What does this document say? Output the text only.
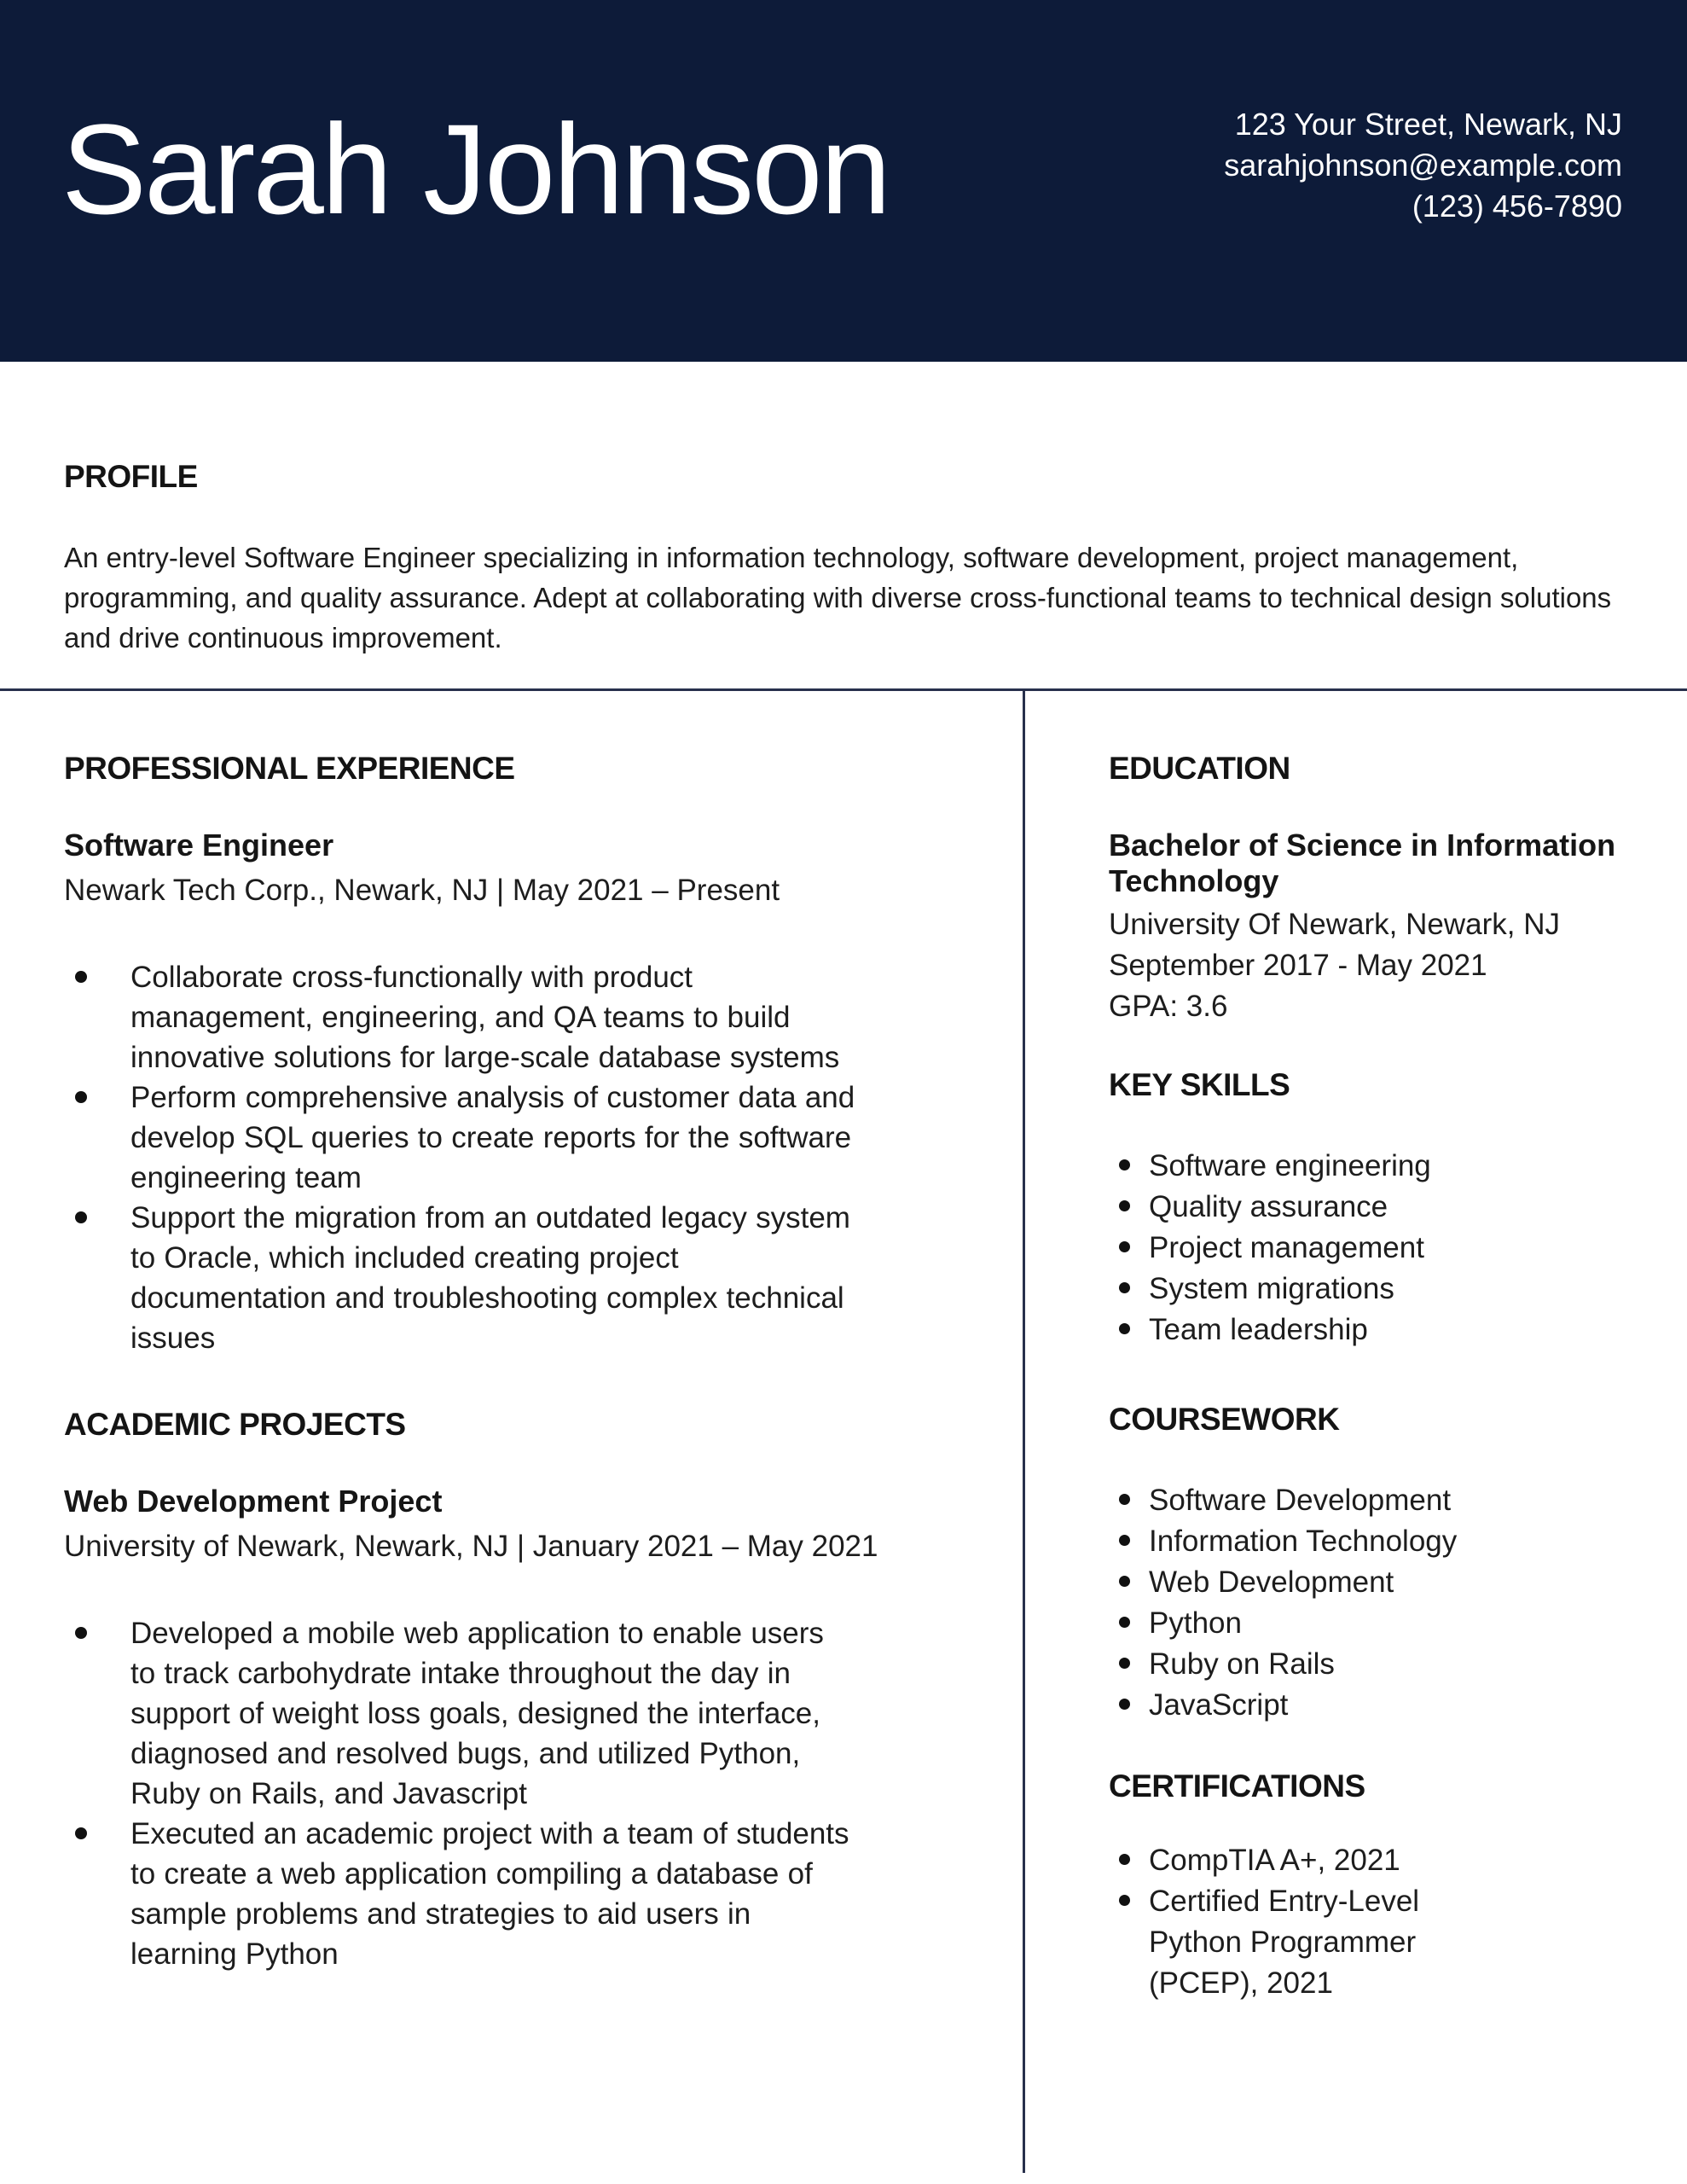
Sarah Johnson	123 Your Street, Newark, NJ
sarahjohnson@example.com
(123) 456-7890
PROFILE

An entry-level Software Engineer specializing in information technology, software development, project management, programming, and quality assurance. Adept at collaborating with diverse cross-functional teams to technical design solutions and drive continuous improvement.

PROFESSIONAL EXPERIENCE
Software Engineer
Newark Tech Corp., Newark, NJ | May 2021 – Present
Collaborate cross-functionally with product management, engineering, and QA teams to build innovative solutions for large-scale database systems
Perform comprehensive analysis of customer data and develop SQL queries to create reports for the software engineering team
Support the migration from an outdated legacy system to Oracle, which included creating project documentation and troubleshooting complex technical issues
ACADEMIC PROJECTS
Web Development Project
University of Newark, Newark, NJ | January 2021 – May 2021
Developed a mobile web application to enable users to track carbohydrate intake throughout the day in support of weight loss goals, designed the interface, diagnosed and resolved bugs, and utilized Python, Ruby on Rails, and Javascript
Executed an academic project with a team of students to create a web application compiling a database of sample problems and strategies to aid users in learning Python
EDUCATION
Bachelor of Science in Information Technology
University Of Newark, Newark, NJ
September 2017 - May 2021
GPA: 3.6
KEY SKILLS
Software engineering
Quality assurance
Project management
System migrations
Team leadership
COURSEWORK
Software Development
Information Technology
Web Development
Python
Ruby on Rails
JavaScript
CERTIFICATIONS
CompTIA A+, 2021
Certified Entry-Level Python Programmer (PCEP), 2021
